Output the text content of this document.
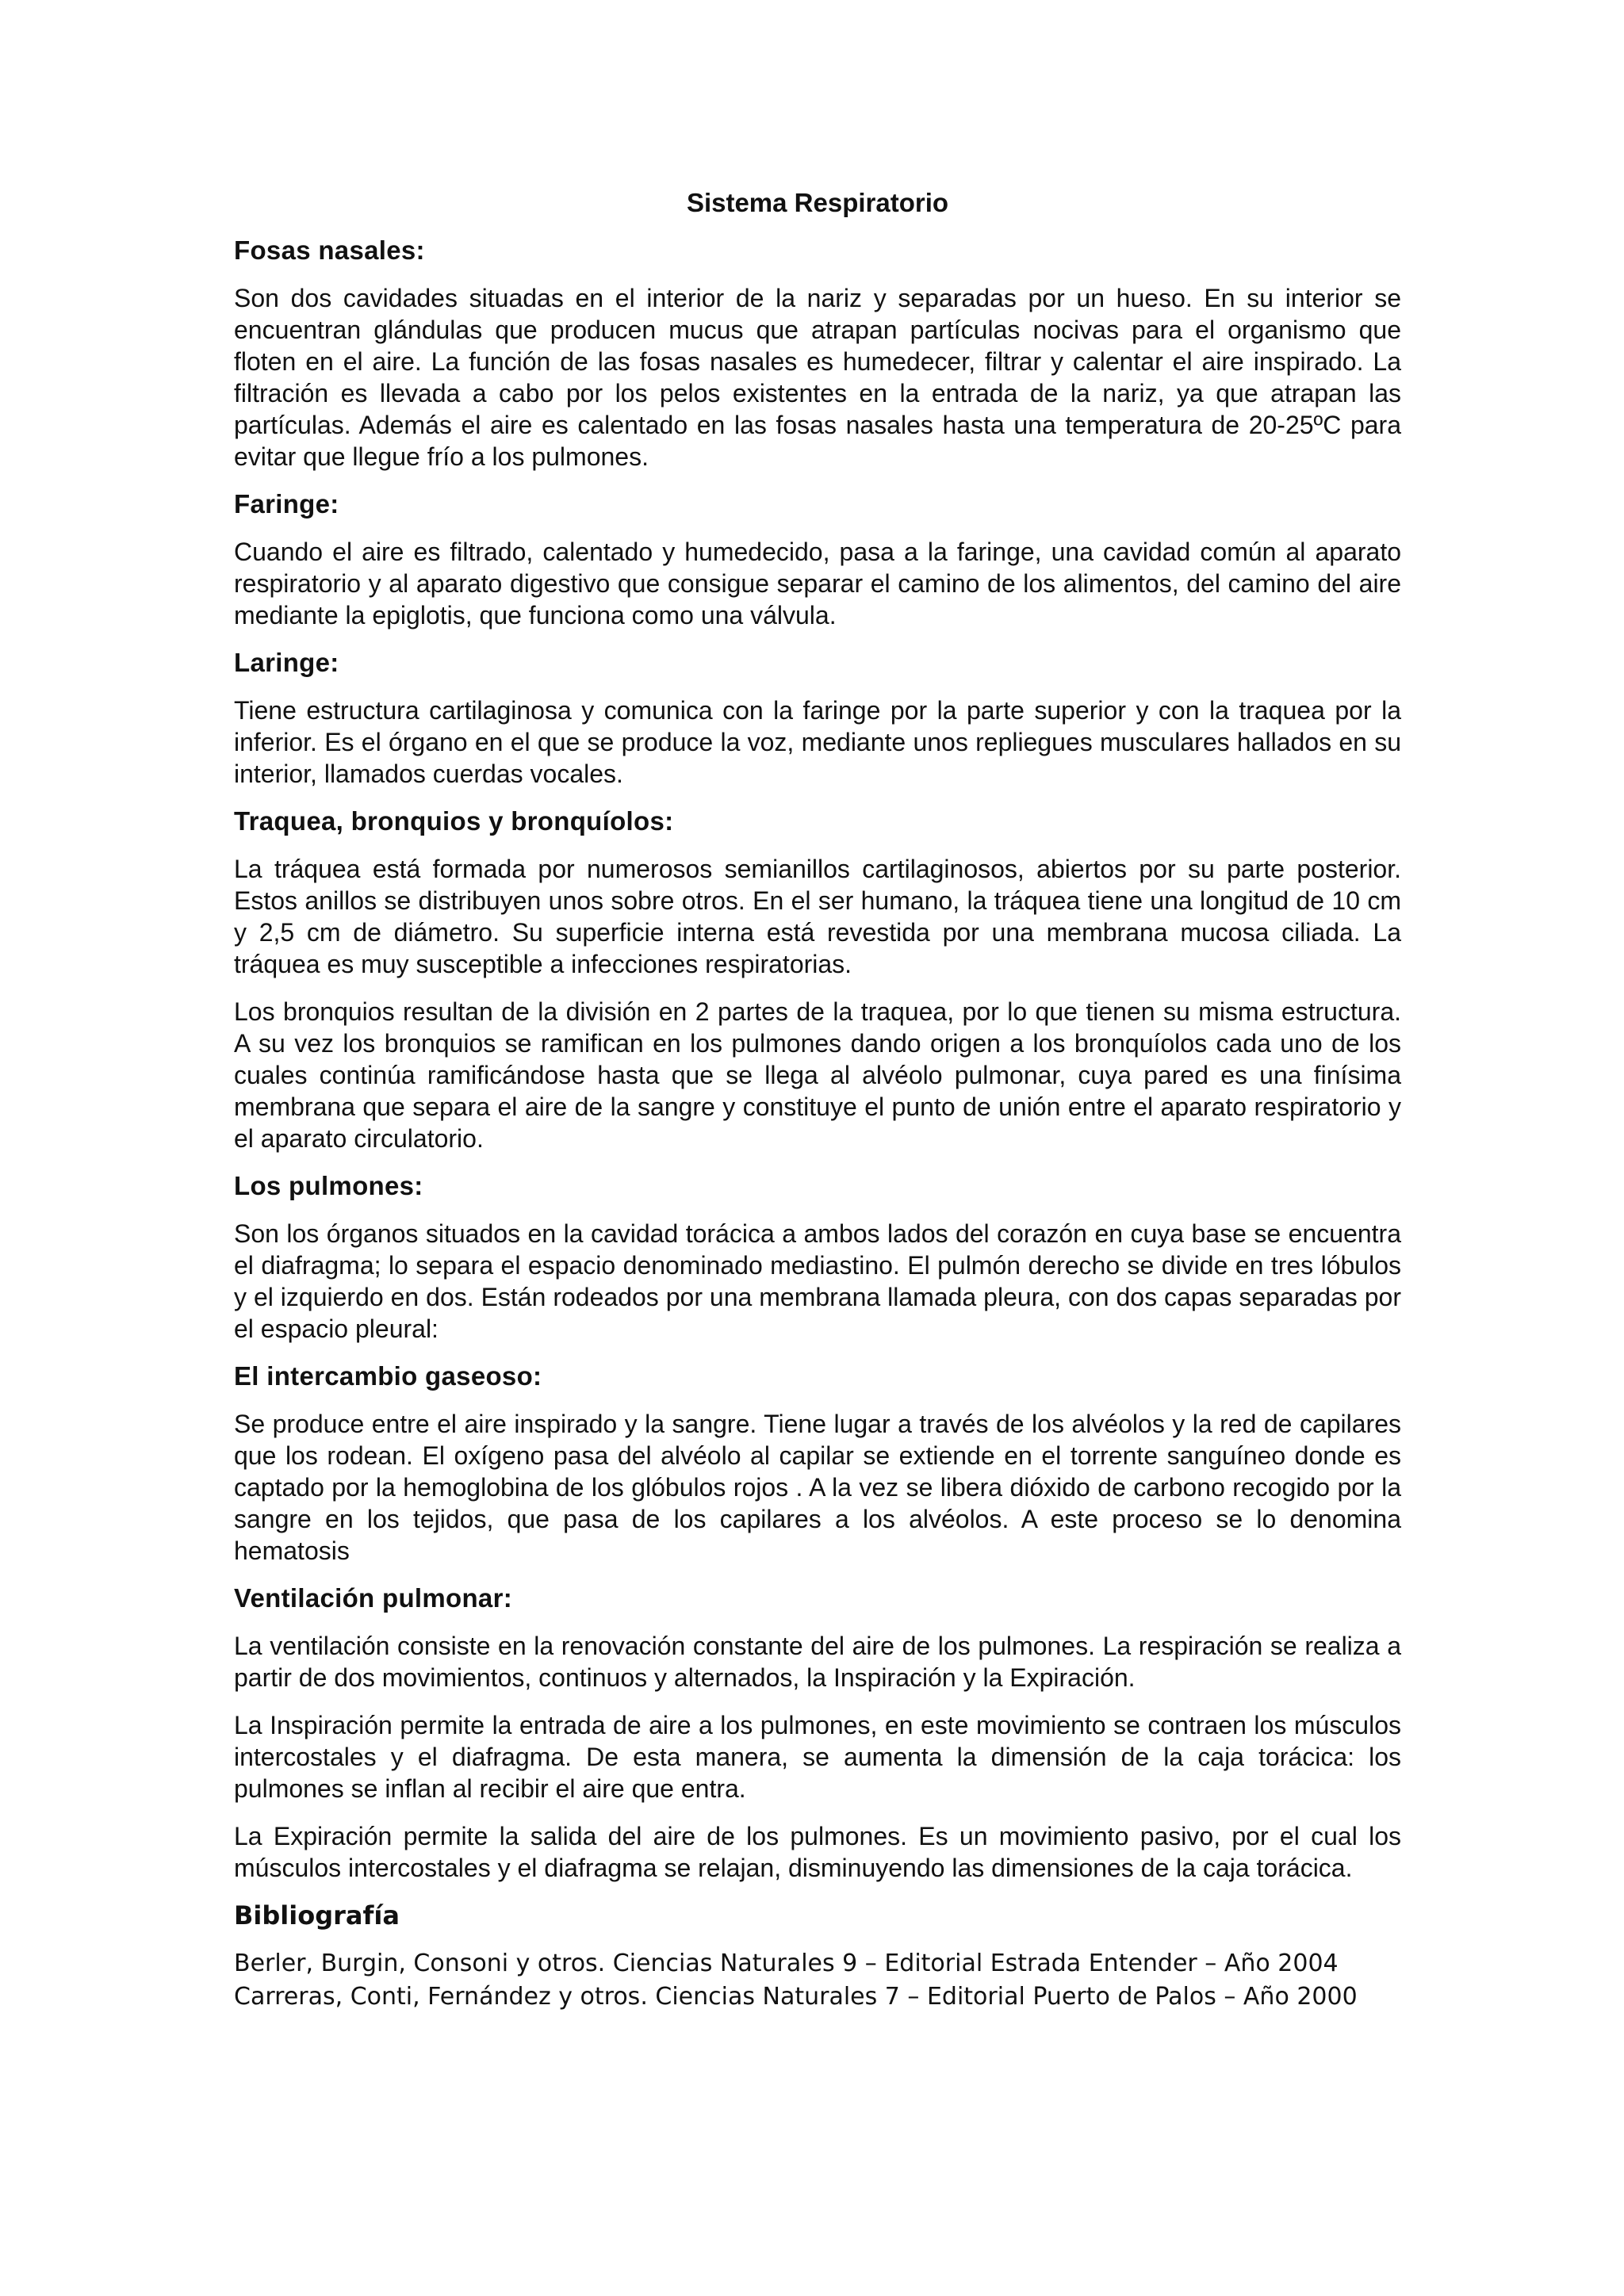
Sistema Respiratorio
Fosas nasales:

Son dos cavidades situadas en el interior de la nariz y separadas por un hueso. En su interior se encuentran glándulas que producen mucus que atrapan partículas nocivas para el organismo que floten en el aire. La función de las fosas nasales es humedecer, filtrar y calentar el aire inspirado. La filtración es llevada a cabo por los pelos existentes en la entrada de la nariz, ya que atrapan las partículas. Además el aire es calentado en las fosas nasales hasta una temperatura de 20-25ºC para evitar que llegue frío a los pulmones.

Faringe:

Cuando el aire es filtrado, calentado y humedecido, pasa a la faringe, una cavidad común al aparato respiratorio y al aparato digestivo que consigue separar el camino de los alimentos, del camino del aire mediante la epiglotis, que funciona como una válvula.

Laringe:

Tiene estructura cartilaginosa y comunica con la faringe por la parte superior y con la traquea por la inferior. Es el órgano en el que se produce la voz, mediante unos repliegues musculares hallados en su interior, llamados cuerdas vocales.

Traquea, bronquios y bronquíolos:

La tráquea está formada por numerosos semianillos cartilaginosos, abiertos por su parte posterior. Estos anillos se distribuyen unos sobre otros. En el ser humano, la tráquea tiene una longitud de 10 cm y 2,5 cm de diámetro. Su superficie interna está revestida por una membrana mucosa ciliada. La tráquea es muy susceptible a infecciones respiratorias.

Los bronquios resultan de la división en 2 partes de la traquea, por lo que tienen su misma estructura. A su vez los bronquios se ramifican en los pulmones dando origen a los bronquíolos cada uno de los cuales continúa ramificándose hasta que se llega al alvéolo pulmonar, cuya pared es una finísima membrana que separa el aire de la sangre y constituye el punto de unión entre el aparato respiratorio y el aparato circulatorio.

Los pulmones:

Son los órganos situados en la cavidad torácica a ambos lados del corazón en cuya base se encuentra el diafragma; lo separa el espacio denominado mediastino. El pulmón derecho se divide en tres lóbulos y el izquierdo en dos. Están rodeados por una membrana llamada pleura, con dos capas separadas por el espacio pleural:

El intercambio gaseoso:

Se produce entre el aire inspirado y la sangre. Tiene lugar a través de los alvéolos y la red de capilares que los rodean. El oxígeno pasa del alvéolo al capilar se extiende en el torrente sanguíneo donde es captado por la hemoglobina de los glóbulos rojos . A la vez se libera dióxido de carbono recogido por la sangre en los tejidos, que pasa de los capilares a los alvéolos. A este proceso se lo denomina hematosis

Ventilación pulmonar:

La ventilación consiste en la renovación constante del aire de los pulmones. La respiración se realiza a partir de dos movimientos, continuos y alternados, la Inspiración y la Expiración.

La Inspiración permite la entrada de aire a los pulmones, en este movimiento se contraen los músculos intercostales y el diafragma. De esta manera, se aumenta la dimensión de la caja torácica: los pulmones se inflan al recibir el aire que entra.

La Expiración permite la salida del aire de los pulmones. Es un movimiento pasivo, por el cual los músculos intercostales y el diafragma se relajan, disminuyendo las dimensiones de la caja torácica.

Bibliografía
Berler, Burgin, Consoni y otros. Ciencias Naturales 9 – Editorial Estrada Entender – Año 2004
Carreras, Conti, Fernández y otros. Ciencias Naturales 7 – Editorial Puerto de Palos – Año 2000
